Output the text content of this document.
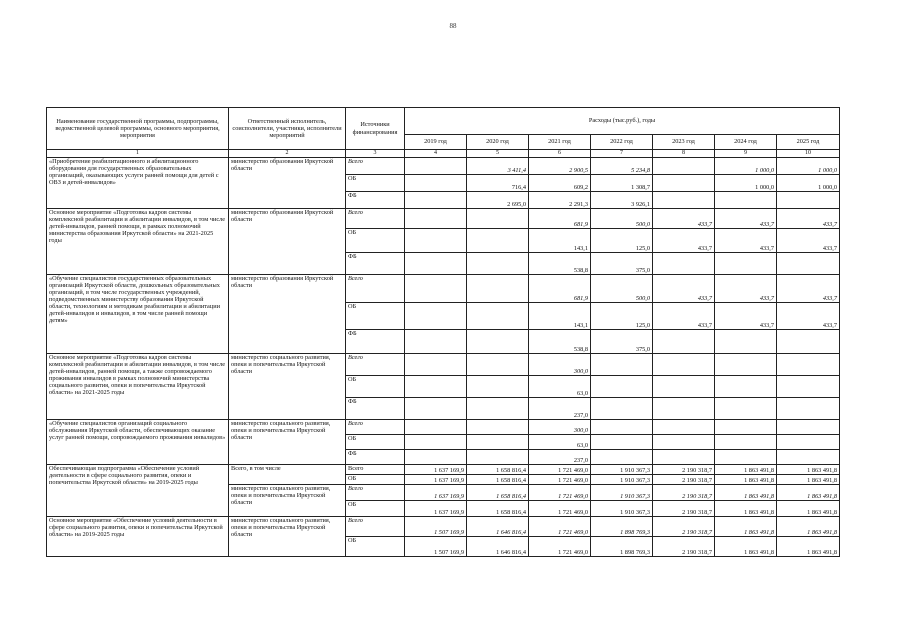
88
Наименование государственной программы, подпрограммы, ведомственной целевой программы, основного мероприятия, мероприятия	Ответственный исполнитель, соисполнители, участники, исполнители мероприятий	Источники финансирования	Расходы (тыс.руб.), годы						
			2019 год	2020 год	2021 год	2022 год	2023 год	2024 год	2025 год
1	2	3	4	5	6	7	8	9	10
«Приобретение реабилитационного и абилитационного оборудования для государственных образовательных организаций, оказывающих услуги ранней помощи для детей с ОВЗ и детей-инвалидов»	министерство образования Иркутской области	Всего		3 411,4	2 900,5	5 234,8		1 000,0	1 000,0
		ОБ		716,4	609,2	1 308,7		1 000,0	1 000,0
		ФБ		2 695,0	2 291,3	3 926,1			
Основное мероприятие «Подготовка кадров системы комплексной реабилитации и абилитации инвалидов, в том числе детей-инвалидов, ранней помощи, в рамках полномочий министерства образования Иркутской области» на 2021-2025 годы	министерство образования Иркутской области	Всего			681,9	500,0	433,7	433,7	433,7
		ОБ			143,1	125,0	433,7	433,7	433,7
		ФБ			538,8	375,0			
«Обучение специалистов государственных образовательных организаций Иркутской области, дошкольных образовательных организаций, в том числе государственных учреждений, подведомственных министерству образования Иркутской области, технологиям и методикам реабилитации и абилитации детей-инвалидов и инвалидов, в том числе ранней помощи детям»	министерство образования Иркутской области	Всего			681,9	500,0	433,7	433,7	433,7
		ОБ			143,1	125,0	433,7	433,7	433,7
		ФБ			538,8	375,0			
Основное мероприятие «Подготовка кадров системы комплексной реабилитации и абилитации инвалидов, в том числе детей-инвалидов, ранней помощи, а также сопровождаемого проживания инвалидов в рамках полномочий министерства социального развития, опеки и попечительства Иркутской области» на 2021-2025 годы	министерство социального развития, опеки и попечительства Иркутской области	Всего			300,0				
		ОБ			63,0				
		ФБ			237,0				
«Обучение специалистов организаций социального обслуживания Иркутской области, обеспечивающих оказание услуг ранней помощи, сопровождаемого проживания инвалидов»	министерство социального развития, опеки и попечительства Иркутской области	Всего			300,0				
		ОБ			63,0				
		ФБ			237,0				
Обеспечивающая подпрограмма «Обеспечение условий деятельности в сфере социального развития, опеки и попечительства Иркутской области» на 2019-2025 годы	Всего, в том числе	Всего	1 637 169,9	1 658 816,4	1 721 469,0	1 910 367,3	2 190 318,7	1 863 491,8	1 863 491,8
		ОБ	1 637 169,9	1 658 816,4	1 721 469,0	1 910 367,3	2 190 318,7	1 863 491,8	1 863 491,8
	министерство социального развития, опеки и попечительства Иркутской области	Всего	1 637 169,9	1 658 816,4	1 721 469,0	1 910 367,3	2 190 318,7	1 863 491,8	1 863 491,8
		ОБ	1 637 169,9	1 658 816,4	1 721 469,0	1 910 367,3	2 190 318,7	1 863 491,8	1 863 491,8
Основное мероприятие «Обеспечение условий деятельности в сфере социального развития, опеки и попечительства Иркутской области» на 2019-2025 годы	министерство социального развития, опеки и попечительства Иркутской области	Всего	1 507 169,9	1 646 816,4	1 721 469,0	1 898 769,3	2 190 318,7	1 863 491,8	1 863 491,8
		ОБ	1 507 169,9	1 646 816,4	1 721 469,0	1 898 769,3	2 190 318,7	1 863 491,8	1 863 491,8
